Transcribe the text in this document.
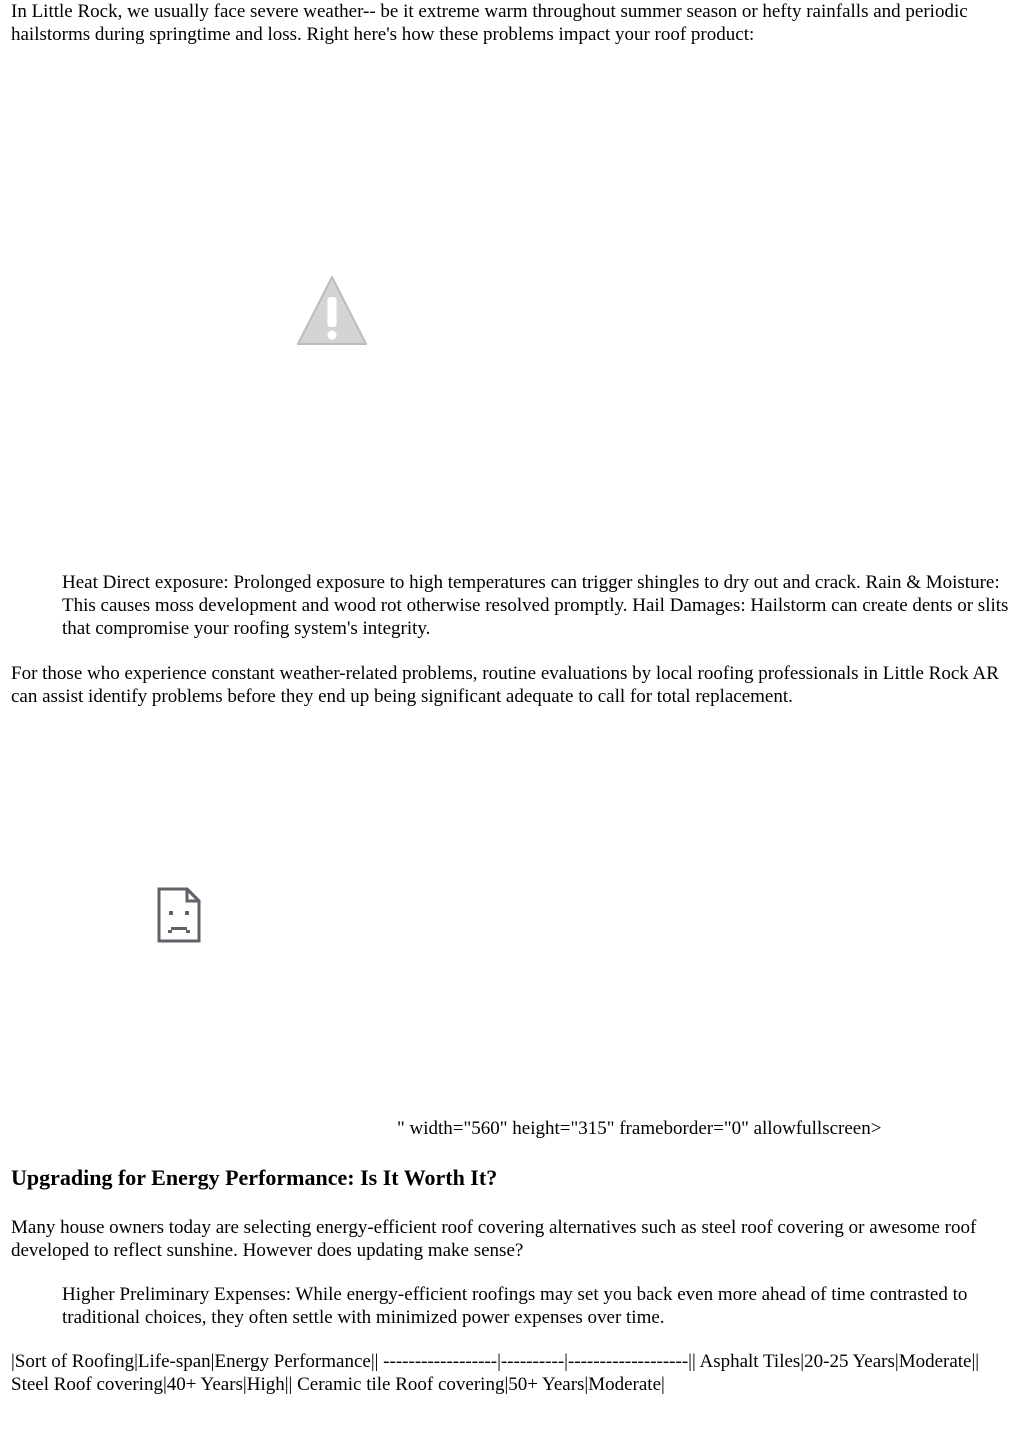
In Little Rock, we usually face severe weather-- be it extreme warm throughout summer season or hefty rainfalls and periodic hailstorms during springtime and loss. Right here's how these problems impact your roof product:

Heat Direct exposure: Prolonged exposure to high temperatures can trigger shingles to dry out and crack. Rain & Moisture: This causes moss development and wood rot otherwise resolved promptly. Hail Damages: Hailstorm can create dents or slits that compromise your roofing system's integrity.

For those who experience constant weather-related problems, routine evaluations by local roofing professionals in Little Rock AR can assist identify problems before they end up being significant adequate to call for total replacement.

" width="560" height="315" frameborder="0" allowfullscreen>

Upgrading for Energy Performance: Is It Worth It?

Many house owners today are selecting energy-efficient roof covering alternatives such as steel roof covering or awesome roof developed to reflect sunshine. However does updating make sense?

Higher Preliminary Expenses: While energy-efficient roofings may set you back even more ahead of time contrasted to traditional choices, they often settle with minimized power expenses over time.

|Sort of Roofing|Life-span|Energy Performance|| ------------------|----------|-------------------|| Asphalt Tiles|20-25 Years|Moderate|| Steel Roof covering|40+ Years|High|| Ceramic tile Roof covering|50+ Years|Moderate|
